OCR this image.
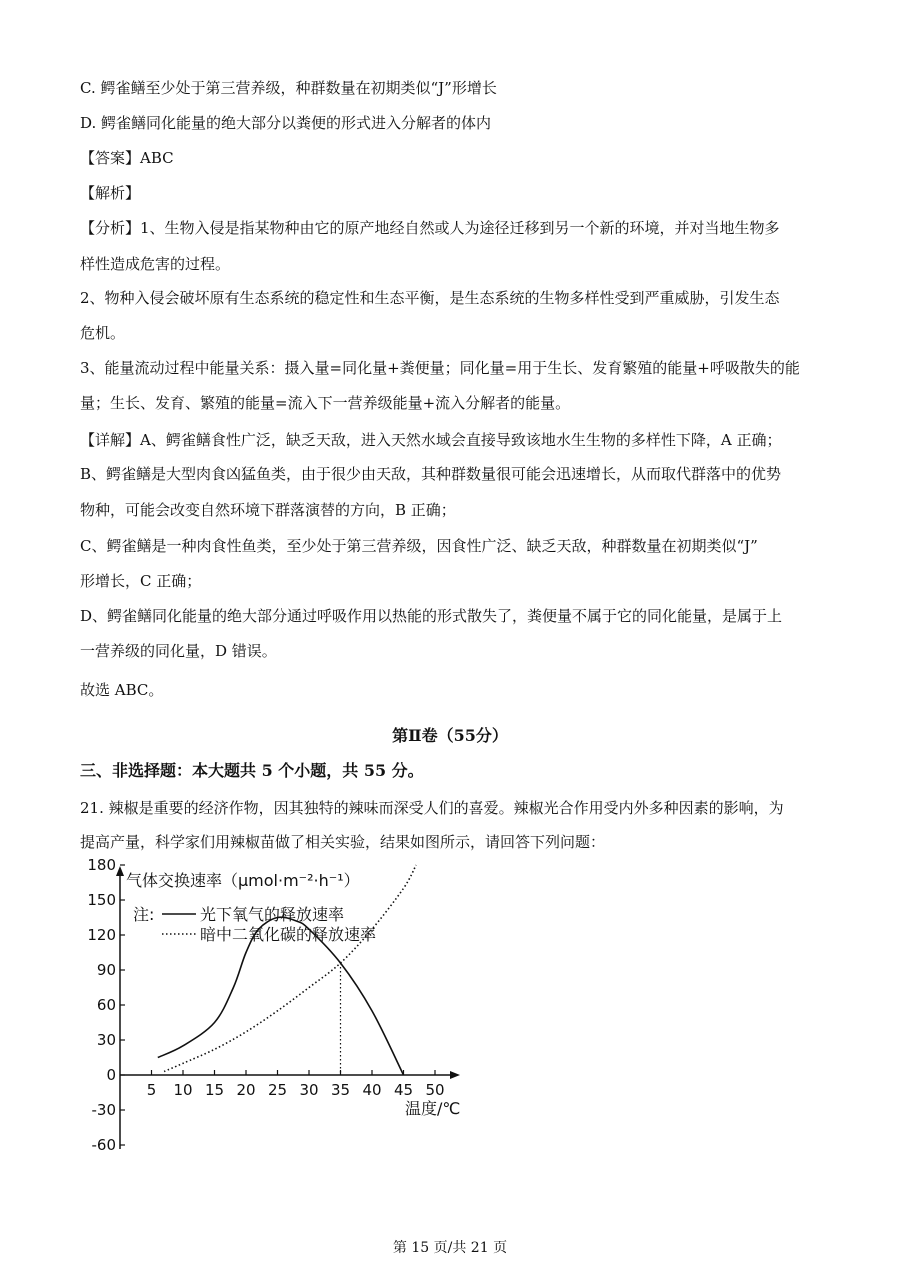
C. 鳄雀鳝至少处于第三营养级，种群数量在初期类似“J”形增长
D. 鳄雀鳝同化能量的绝大部分以粪便的形式进入分解者的体内
【答案】ABC
【解析】
【分析】1、生物入侵是指某物种由它的原产地经自然或人为途径迁移到另一个新的环境，并对当地生物多
样性造成危害的过程。
2、物种入侵会破坏原有生态系统的稳定性和生态平衡，是生态系统的生物多样性受到严重威胁，引发生态
危机。
3、能量流动过程中能量关系：摄入量=同化量+粪便量；同化量=用于生长、发育繁殖的能量+呼吸散失的能
量；生长、发育、繁殖的能量=流入下一营养级能量+流入分解者的能量。
【详解】A、鳄雀鳝食性广泛，缺乏天敌，进入天然水域会直接导致该地水生生物的多样性下降，A 正确；
B、鳄雀鳝是大型肉食凶猛鱼类，由于很少由天敌，其种群数量很可能会迅速增长，从而取代群落中的优势
物种，可能会改变自然环境下群落演替的方向，B 正确；
C、鳄雀鳝是一种肉食性鱼类，至少处于第三营养级，因食性广泛、缺乏天敌，种群数量在初期类似“J”
形增长，C 正确；
D、鳄雀鳝同化能量的绝大部分通过呼吸作用以热能的形式散失了，粪便量不属于它的同化能量，是属于上
一营养级的同化量，D 错误。
故选 ABC。
第Ⅱ卷（55分）
三、非选择题：本大题共 5 个小题，共 55 分。
21. 辣椒是重要的经济作物，因其独特的辣味而深受人们的喜爱。辣椒光合作用受内外多种因素的影响，为
提高产量，科学家们用辣椒苗做了相关实验，结果如图所示，请回答下列问题：
气体交换速率（μmol·m⁻²·h⁻¹）
注:	光下氧气的释放速率
暗中二氧化碳的释放速率
180
150
120
90
60
30
0
-30
-60
5 10 15 20 25 30 35 40 45 50
温度/℃
第 15 页/共 21 页
